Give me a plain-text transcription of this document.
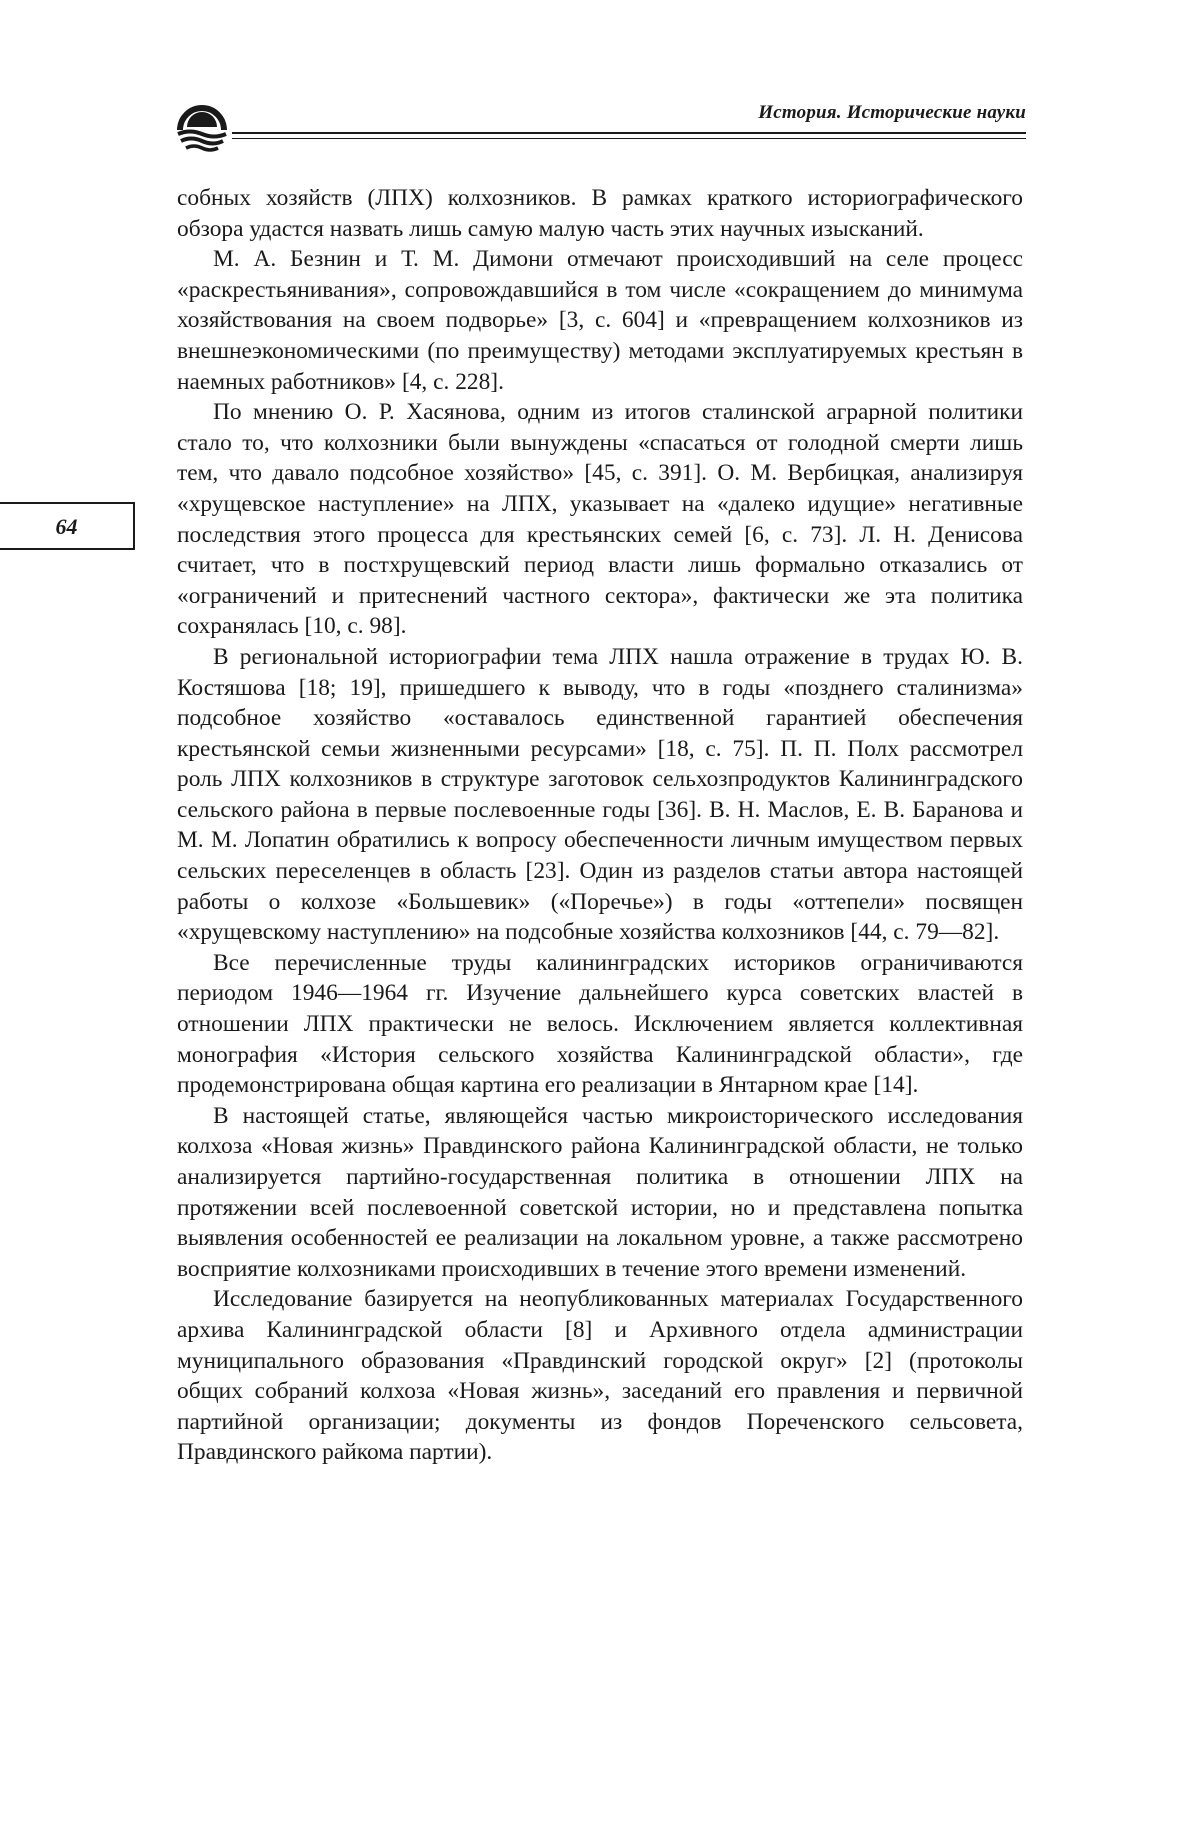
История. Исторические науки
64

собных хозяйств (ЛПХ) колхозников. В рамках краткого историографического обзора удастся назвать лишь самую малую часть этих научных изысканий.

М. А. Безнин и Т. М. Димони отмечают происходивший на селе процесс «раскрестьянивания», сопровождавшийся в том числе «сокращением до минимума хозяйствования на своем подворье» [3, с. 604] и «превращением колхозников из внешнеэкономическими (по преимуществу) методами эксплуатируемых крестьян в наемных работников» [4, с. 228].

По мнению О. Р. Хасянова, одним из итогов сталинской аграрной политики стало то, что колхозники были вынуждены «спасаться от голодной смерти лишь тем, что давало подсобное хозяйство» [45, с. 391]. О. М. Вербицкая, анализируя «хрущевское наступление» на ЛПХ, указывает на «далеко идущие» негативные последствия этого процесса для крестьянских семей [6, с. 73]. Л. Н. Денисова считает, что в постхрущевский период власти лишь формально отказались от «ограничений и притеснений частного сектора», фактически же эта политика сохранялась [10, с. 98].

В региональной историографии тема ЛПХ нашла отражение в трудах Ю. В. Костяшова [18; 19], пришедшего к выводу, что в годы «позднего сталинизма» подсобное хозяйство «оставалось единственной гарантией обеспечения крестьянской семьи жизненными ресурсами» [18, с. 75]. П. П. Полх рассмотрел роль ЛПХ колхозников в структуре заготовок сельхозпродуктов Калининградского сельского района в первые послевоенные годы [36]. В. Н. Маслов, Е. В. Баранова и М. М. Лопатин обратились к вопросу обеспеченности личным имуществом первых сельских переселенцев в область [23]. Один из разделов статьи автора настоящей работы о колхозе «Большевик» («Поречье») в годы «оттепели» посвящен «хрущевскому наступлению» на подсобные хозяйства колхозников [44, с. 79—82].

Все перечисленные труды калининградских историков ограничиваются периодом 1946—1964 гг. Изучение дальнейшего курса советских властей в отношении ЛПХ практически не велось. Исключением является коллективная монография «История сельского хозяйства Калининградской области», где продемонстрирована общая картина его реализации в Янтарном крае [14].

В настоящей статье, являющейся частью микроисторического исследования колхоза «Новая жизнь» Правдинского района Калининградской области, не только анализируется партийно-государственная политика в отношении ЛПХ на протяжении всей послевоенной советской истории, но и представлена попытка выявления особенностей ее реализации на локальном уровне, а также рассмотрено восприятие колхозниками происходивших в течение этого времени изменений.

Исследование базируется на неопубликованных материалах Государственного архива Калининградской области [8] и Архивного отдела администрации муниципального образования «Правдинский городской округ» [2] (протоколы общих собраний колхоза «Новая жизнь», заседаний его правления и первичной партийной организации; документы из фондов Пореченского сельсовета, Правдинского райкома партии).
